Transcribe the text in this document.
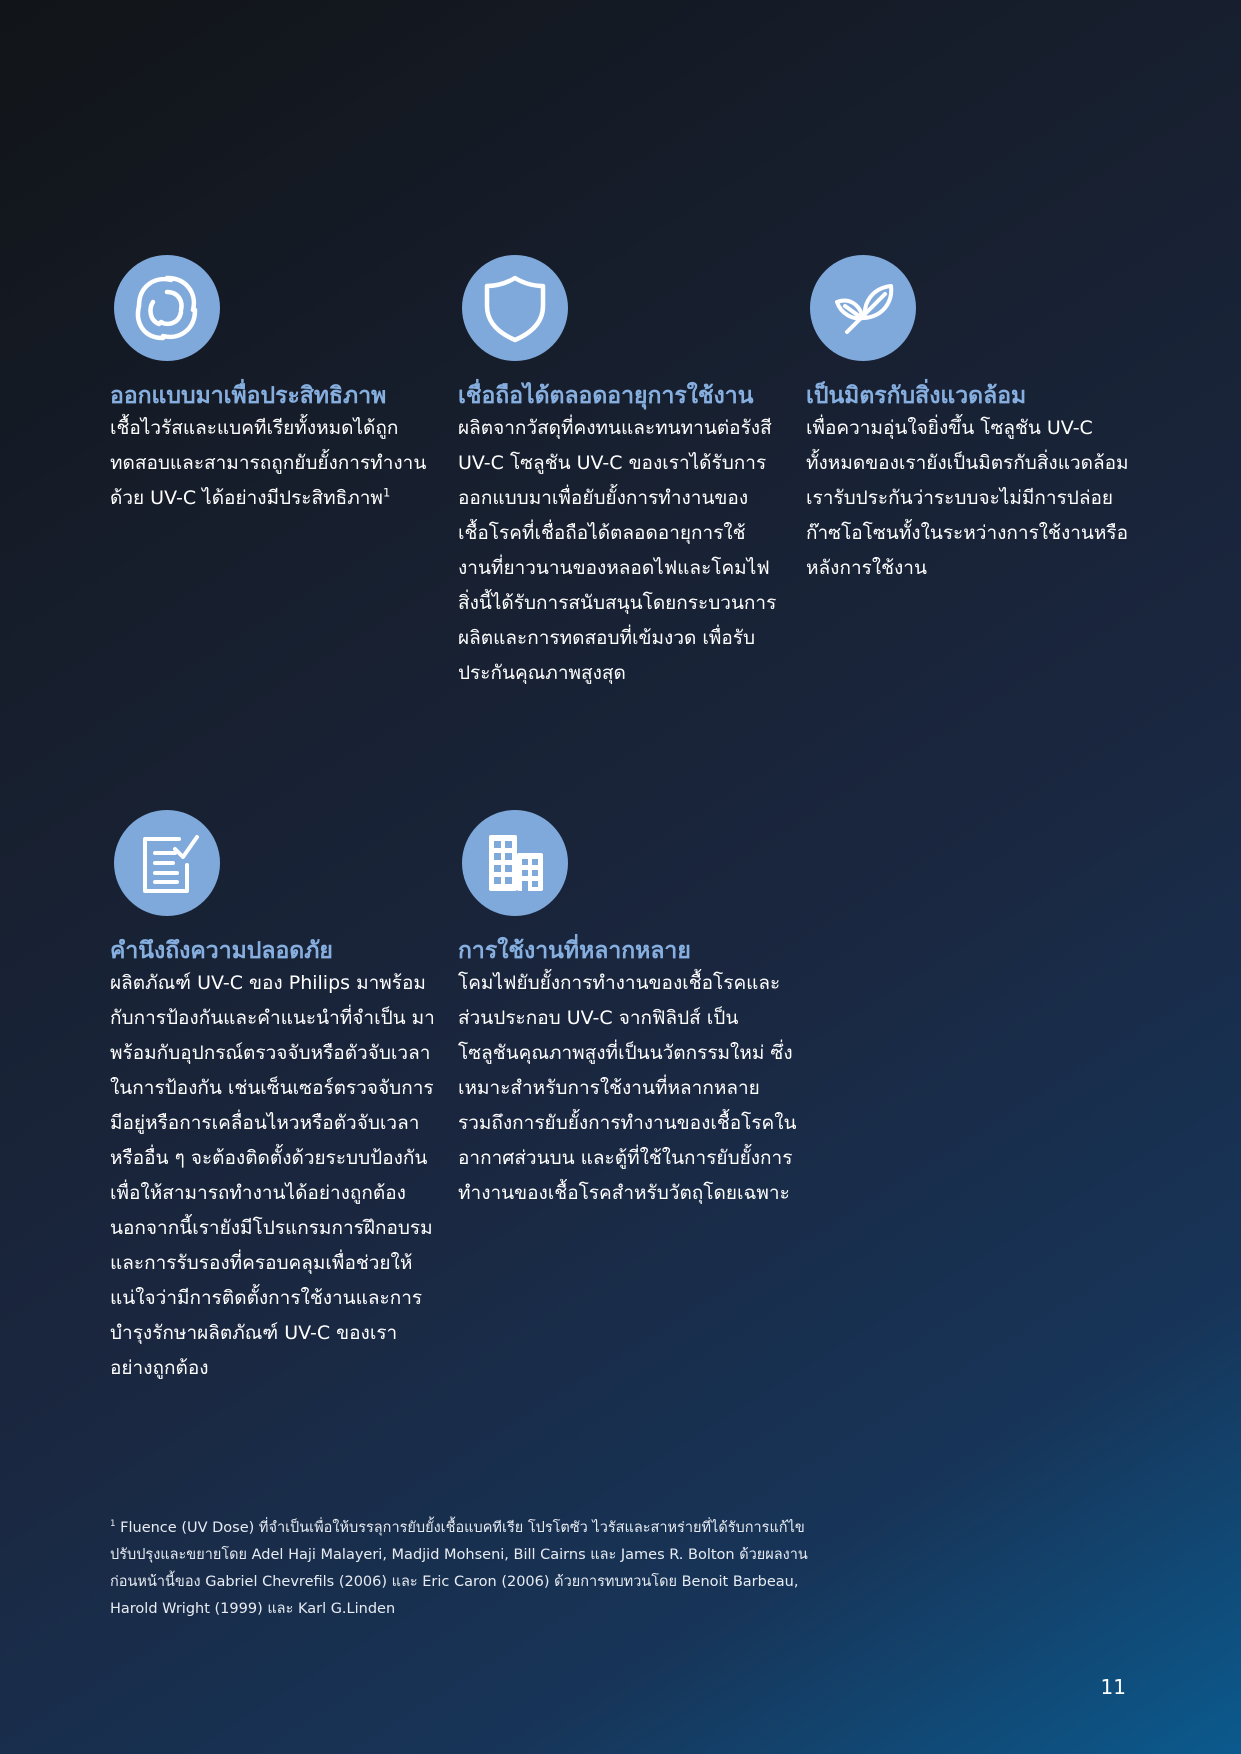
ออกแบบมาเพื่อประสิทธิภาพ

เชื้อไวรัสและแบคทีเรียทั้งหมดได้ถูกทดสอบและสามารถถูกยับยั้งการทำงานด้วย UV-C ได้อย่างมีประสิทธิภาพ$^1$

เชื่อถือได้ตลอดอายุการใช้งาน

ผลิตจากวัสดุที่คงทนและทนทานต่อรังสี UV-C โซลูชัน UV-C ของเราได้รับการออกแบบมาเพื่อยับยั้งการทำงานของเชื้อโรคที่เชื่อถือได้ตลอดอายุการใช้งานที่ยาวนานของหลอดไฟและโคมไฟ สิ่งนี้ได้รับการสนับสนุนโดยกระบวนการผลิตและการทดสอบที่เข้มงวด เพื่อรับประกันคุณภาพสูงสุด

เป็นมิตรกับสิ่งแวดล้อม

เพื่อความอุ่นใจยิ่งขึ้น โซลูชัน UV-C ทั้งหมดของเรายังเป็นมิตรกับสิ่งแวดล้อม เรารับประกันว่าระบบจะไม่มีการปล่อยก๊าซโอโซนทั้งในระหว่างการใช้งานหรือหลังการใช้งาน

คำนึงถึงความปลอดภัย

ผลิตภัณฑ์ UV-C ของ Philips มาพร้อมกับการป้องกันและคำแนะนำที่จำเป็น มาพร้อมกับอุปกรณ์ตรวจจับหรือตัวจับเวลาในการป้องกัน เช่นเซ็นเซอร์ตรวจจับการมีอยู่หรือการเคลื่อนไหวหรือตัวจับเวลาหรืออื่น ๆ จะต้องติดตั้งด้วยระบบป้องกันเพื่อให้สามารถทำงานได้อย่างถูกต้อง นอกจากนี้เรายังมีโปรแกรมการฝึกอบรมและการรับรองที่ครอบคลุมเพื่อช่วยให้แน่ใจว่ามีการติดตั้งการใช้งานและการบำรุงรักษาผลิตภัณฑ์ UV-C ของเราอย่างถูกต้อง

การใช้งานที่หลากหลาย

โคมไฟยับยั้งการทำงานของเชื้อโรคและส่วนประกอบ UV-C จากฟิลิปส์ เป็นโซลูชันคุณภาพสูงที่เป็นนวัตกรรมใหม่ ซึ่งเหมาะสำหรับการใช้งานที่หลากหลาย รวมถึงการยับยั้งการทำงานของเชื้อโรคในอากาศส่วนบน และตู้ที่ใช้ในการยับยั้งการทำงานของเชื้อโรคสำหรับวัตถุโดยเฉพาะ

$^1$ Fluence (UV Dose) ที่จำเป็นเพื่อให้บรรลุการยับยั้งเชื้อแบคทีเรีย โปรโตซัว ไวรัสและสาหร่ายที่ได้รับการแก้ไขปรับปรุงและขยายโดย Adel Haji Malayeri, Madjid Mohseni, Bill Cairns และ James R. Bolton ด้วยผลงานก่อนหน้านี้ของ Gabriel Chevrefils (2006) และ Eric Caron (2006) ด้วยการทบทวนโดย Benoit Barbeau, Harold Wright (1999) และ Karl G.Linden

11
